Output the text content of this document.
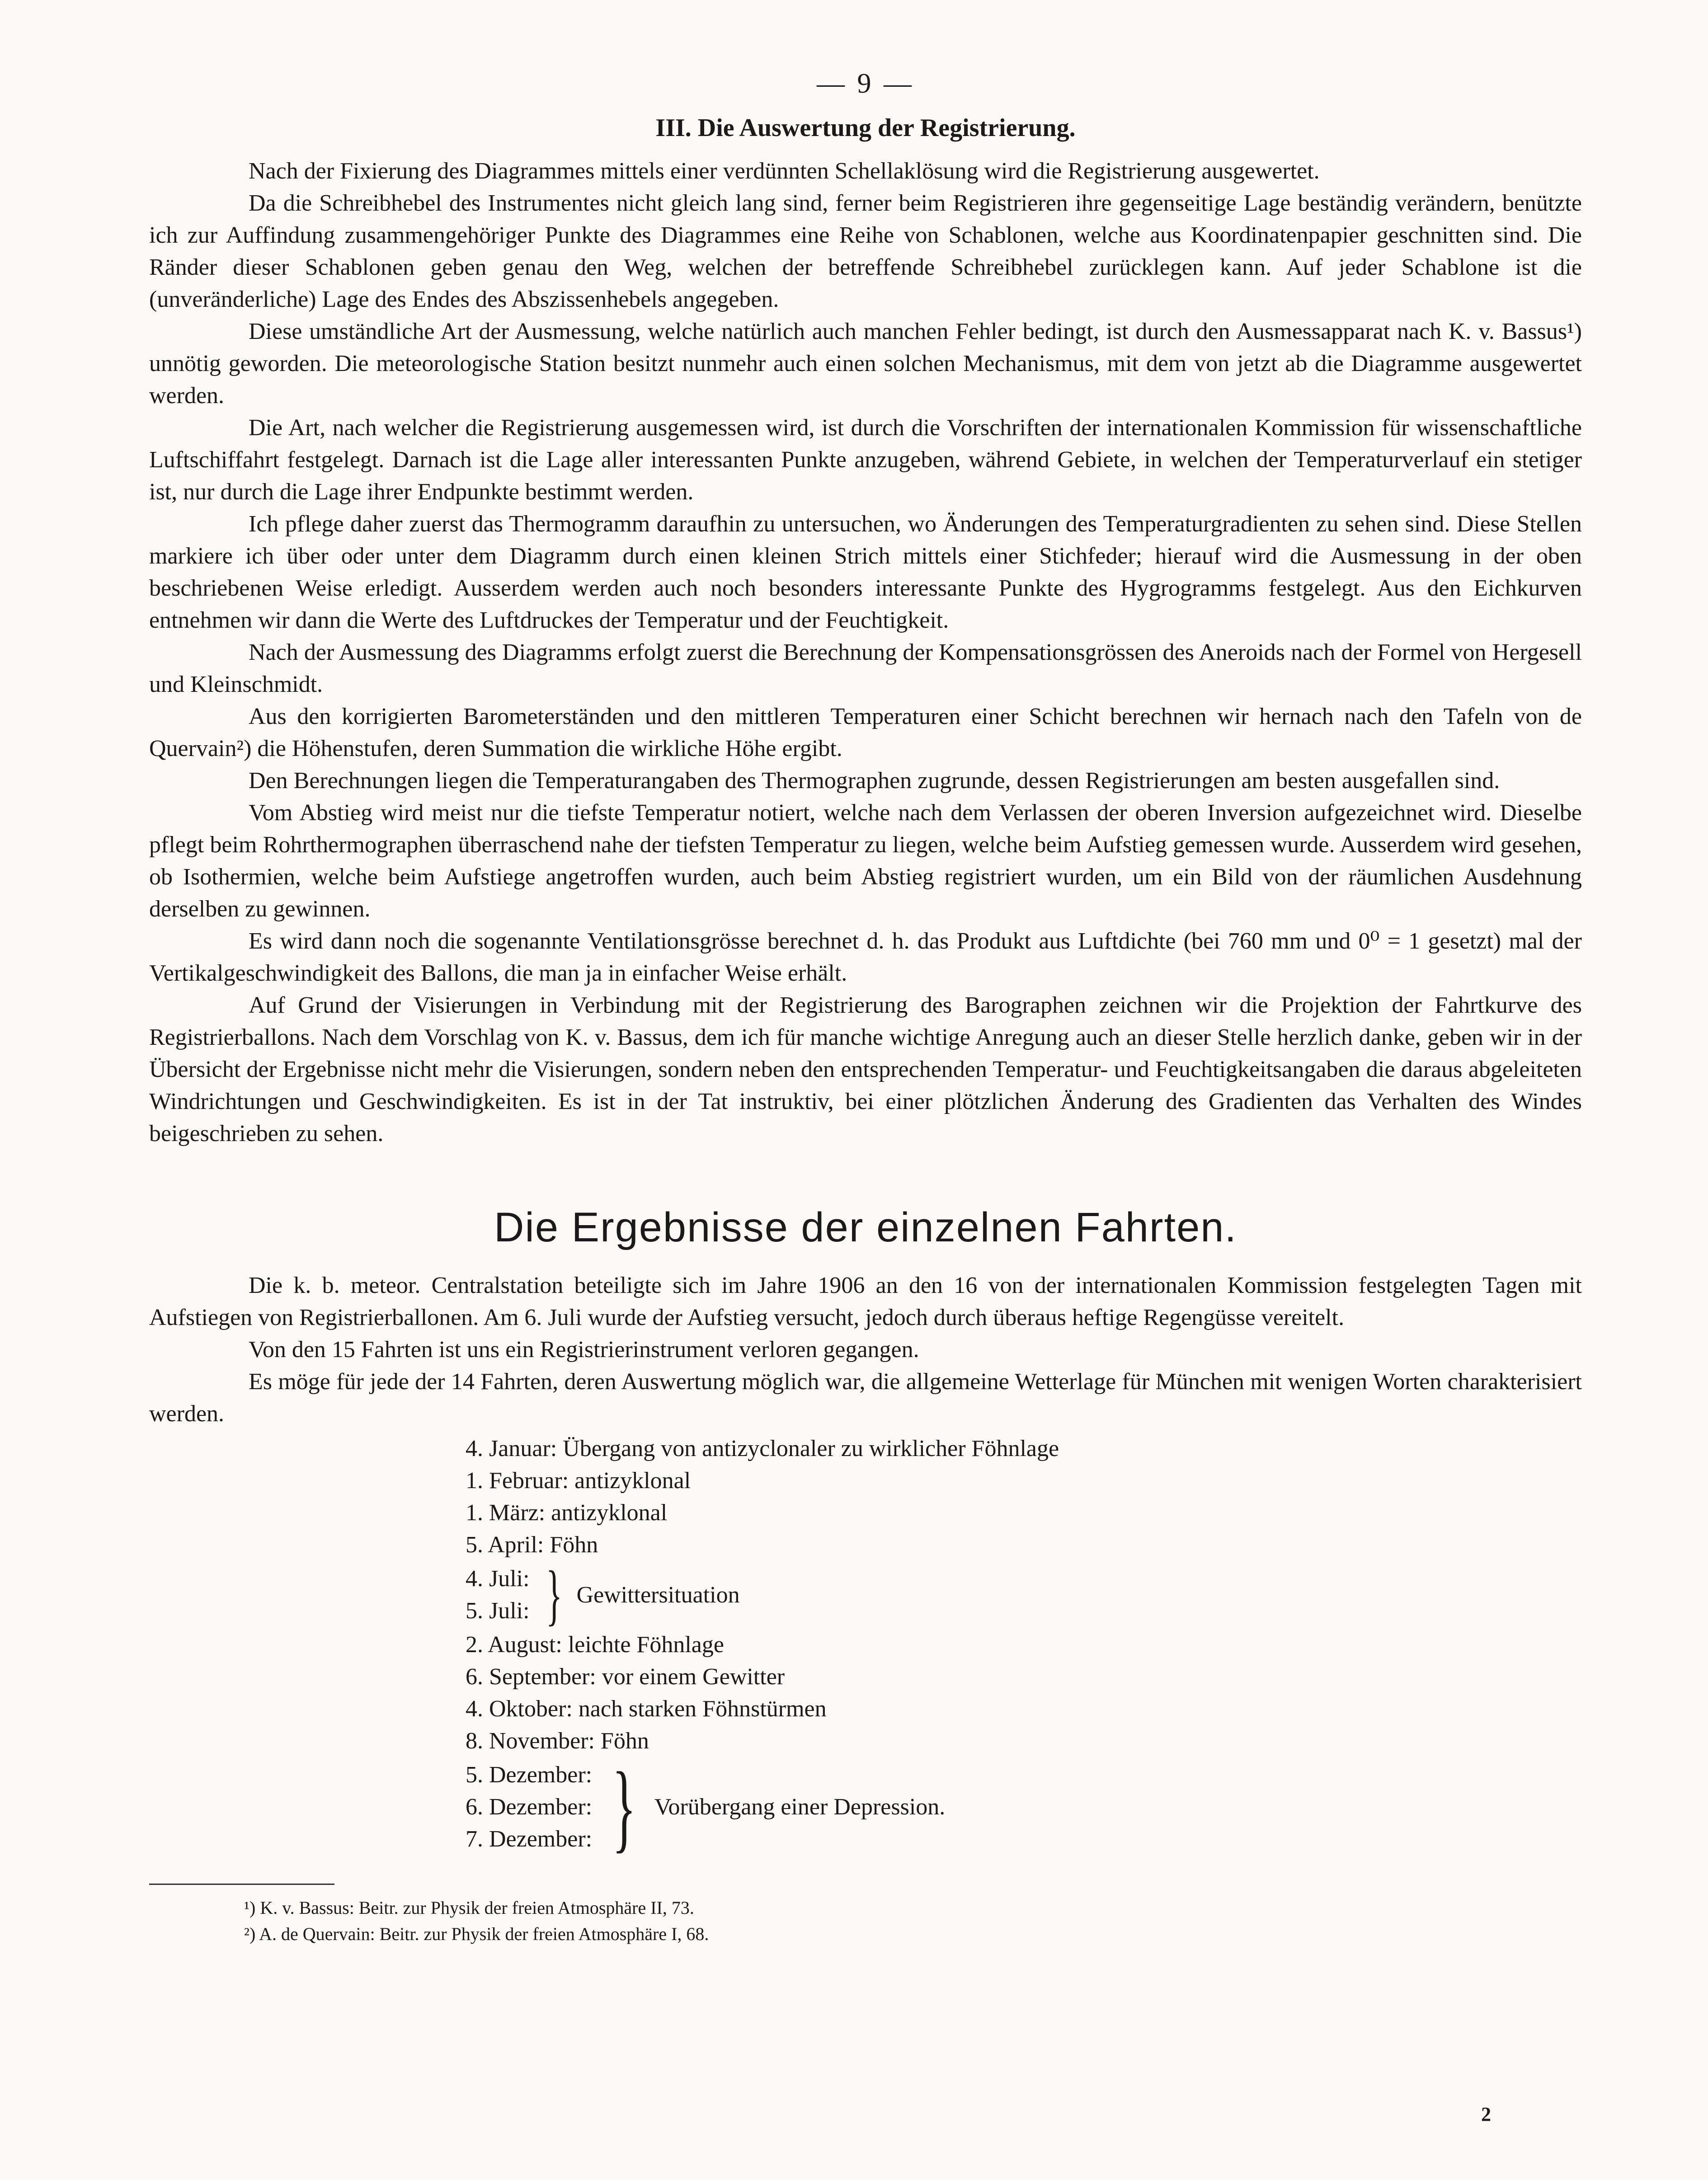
— 9 —
III. Die Auswertung der Registrierung.

Nach der Fixierung des Diagrammes mittels einer verdünnten Schellaklösung wird die Registrierung ausgewertet.

Da die Schreibhebel des Instrumentes nicht gleich lang sind, ferner beim Registrieren ihre gegenseitige Lage beständig verändern, benützte ich zur Auffindung zusammengehöriger Punkte des Diagrammes eine Reihe von Schablonen, welche aus Koordinatenpapier geschnitten sind. Die Ränder dieser Schablonen geben genau den Weg, welchen der betreffende Schreibhebel zurücklegen kann. Auf jeder Schablone ist die (unveränderliche) Lage des Endes des Abszissenhebels angegeben.

Diese umständliche Art der Ausmessung, welche natürlich auch manchen Fehler bedingt, ist durch den Ausmessapparat nach K. v. Bassus¹) unnötig geworden. Die meteorologische Station besitzt nunmehr auch einen solchen Mechanismus, mit dem von jetzt ab die Diagramme ausgewertet werden.

Die Art, nach welcher die Registrierung ausgemessen wird, ist durch die Vorschriften der internationalen Kommission für wissenschaftliche Luftschiffahrt festgelegt. Darnach ist die Lage aller interessanten Punkte anzugeben, während Gebiete, in welchen der Temperaturverlauf ein stetiger ist, nur durch die Lage ihrer Endpunkte bestimmt werden.

Ich pflege daher zuerst das Thermogramm daraufhin zu untersuchen, wo Änderungen des Temperaturgradienten zu sehen sind. Diese Stellen markiere ich über oder unter dem Diagramm durch einen kleinen Strich mittels einer Stichfeder; hierauf wird die Ausmessung in der oben beschriebenen Weise erledigt. Ausserdem werden auch noch besonders interessante Punkte des Hygrogramms festgelegt. Aus den Eichkurven entnehmen wir dann die Werte des Luftdruckes der Temperatur und der Feuchtigkeit.

Nach der Ausmessung des Diagramms erfolgt zuerst die Berechnung der Kompensationsgrössen des Aneroids nach der Formel von Hergesell und Kleinschmidt.

Aus den korrigierten Barometerständen und den mittleren Temperaturen einer Schicht berechnen wir hernach nach den Tafeln von de Quervain²) die Höhenstufen, deren Summation die wirkliche Höhe ergibt.

Den Berechnungen liegen die Temperaturangaben des Thermographen zugrunde, dessen Registrierungen am besten ausgefallen sind.

Vom Abstieg wird meist nur die tiefste Temperatur notiert, welche nach dem Verlassen der oberen Inversion aufgezeichnet wird. Dieselbe pflegt beim Rohrthermographen überraschend nahe der tiefsten Temperatur zu liegen, welche beim Aufstieg gemessen wurde. Ausserdem wird gesehen, ob Isothermien, welche beim Aufstiege angetroffen wurden, auch beim Abstieg registriert wurden, um ein Bild von der räumlichen Ausdehnung derselben zu gewinnen.

Es wird dann noch die sogenannte Ventilationsgrösse berechnet d. h. das Produkt aus Luftdichte (bei 760 mm und 0⁰ = 1 gesetzt) mal der Vertikalgeschwindigkeit des Ballons, die man ja in einfacher Weise erhält.

Auf Grund der Visierungen in Verbindung mit der Registrierung des Barographen zeichnen wir die Projektion der Fahrtkurve des Registrierballons. Nach dem Vorschlag von K. v. Bassus, dem ich für manche wichtige Anregung auch an dieser Stelle herzlich danke, geben wir in der Übersicht der Ergebnisse nicht mehr die Visierungen, sondern neben den entsprechenden Temperatur- und Feuchtigkeitsangaben die daraus abgeleiteten Windrichtungen und Geschwindigkeiten. Es ist in der Tat instruktiv, bei einer plötzlichen Änderung des Gradienten das Verhalten des Windes beigeschrieben zu sehen.

Die Ergebnisse der einzelnen Fahrten.

Die k. b. meteor. Centralstation beteiligte sich im Jahre 1906 an den 16 von der internationalen Kommission festgelegten Tagen mit Aufstiegen von Registrierballonen. Am 6. Juli wurde der Aufstieg versucht, jedoch durch überaus heftige Regengüsse vereitelt.

Von den 15 Fahrten ist uns ein Registrierinstrument verloren gegangen.

Es möge für jede der 14 Fahrten, deren Auswertung möglich war, die allgemeine Wetterlage für München mit wenigen Worten charakterisiert werden.

4. Januar: Übergang von antizyclonaler zu wirklicher Föhnlage
1. Februar: antizyklonal
1. März: antizyklonal
5. April: Föhn
4. Juli:
5. Juli: } Gewittersituation
2. August: leichte Föhnlage
6. September: vor einem Gewitter
4. Oktober: nach starken Föhnstürmen
8. November: Föhn
5. Dezember:
6. Dezember:
7. Dezember: } Vorübergang einer Depression.
¹) K. v. Bassus: Beitr. zur Physik der freien Atmosphäre II, 73.
²) A. de Quervain: Beitr. zur Physik der freien Atmosphäre I, 68.
2
